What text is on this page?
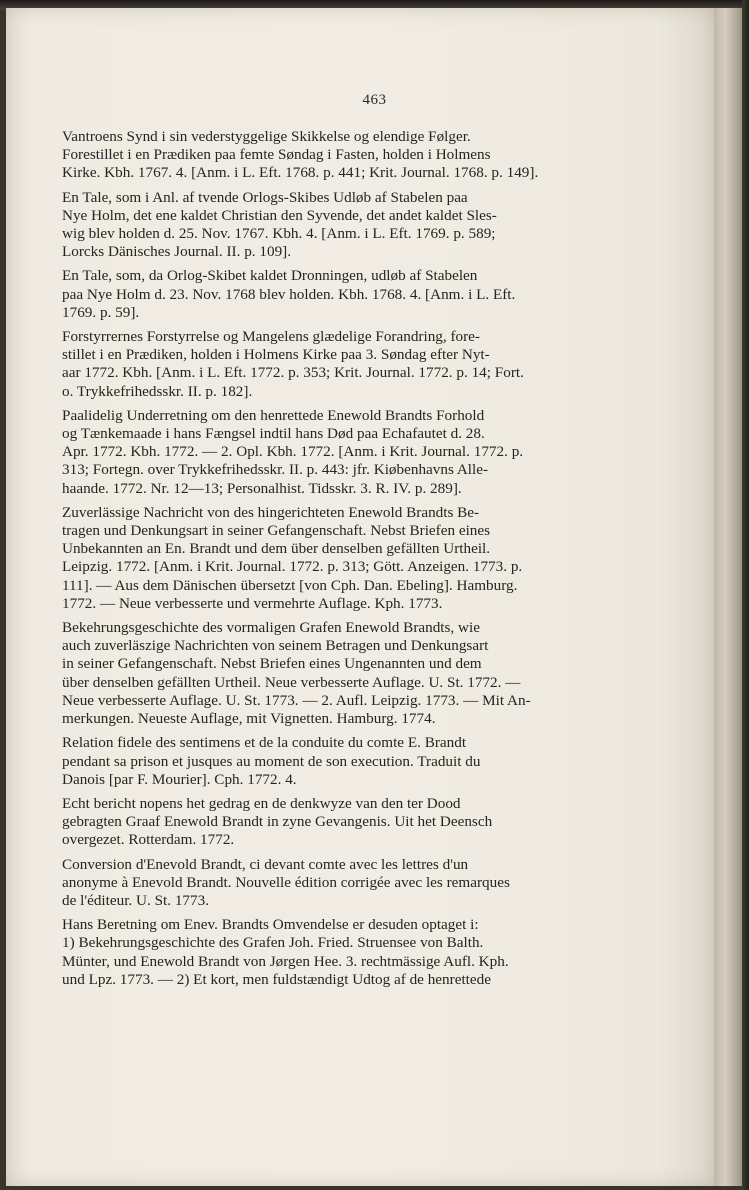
463
Vantroens Synd i sin vederstyggelige Skikkelse og elendige Følger.
Forestillet i en Prædiken paa femte Søndag i Fasten, holden i Holmens
Kirke. Kbh. 1767. 4. [Anm. i L. Eft. 1768. p. 441; Krit. Journal. 1768. p. 149].
En Tale, som i Anl. af tvende Orlogs-Skibes Udløb af Stabelen paa
Nye Holm, det ene kaldet Christian den Syvende, det andet kaldet Sles-
wig blev holden d. 25. Nov. 1767. Kbh. 4. [Anm. i L. Eft. 1769. p. 589;
Lorcks Dänisches Journal. II. p. 109].
En Tale, som, da Orlog-Skibet kaldet Dronningen, udløb af Stabelen
paa Nye Holm d. 23. Nov. 1768 blev holden. Kbh. 1768. 4. [Anm. i L. Eft.
1769. p. 59].
Forstyrrernes Forstyrrelse og Mangelens glædelige Forandring, fore-
stillet i en Prædiken, holden i Holmens Kirke paa 3. Søndag efter Nyt-
aar 1772. Kbh. [Anm. i L. Eft. 1772. p. 353; Krit. Journal. 1772. p. 14; Fort.
o. Trykkefrihedsskr. II. p. 182].
Paalidelig Underretning om den henrettede Enewold Brandts Forhold
og Tænkemaade i hans Fængsel indtil hans Død paa Echafautet d. 28.
Apr. 1772. Kbh. 1772. — 2. Opl. Kbh. 1772. [Anm. i Krit. Journal. 1772. p.
313; Fortegn. over Trykkefrihedsskr. II. p. 443: jfr. Kiøbenhavns Alle-
haande. 1772. Nr. 12—13; Personalhist. Tidsskr. 3. R. IV. p. 289].
Zuverlässige Nachricht von des hingerichteten Enewold Brandts Be-
tragen und Denkungsart in seiner Gefangenschaft. Nebst Briefen eines
Unbekannten an En. Brandt und dem über denselben gefällten Urtheil.
Leipzig. 1772. [Anm. i Krit. Journal. 1772. p. 313; Gött. Anzeigen. 1773. p.
111]. — Aus dem Dänischen übersetzt [von Cph. Dan. Ebeling]. Hamburg.
1772. — Neue verbesserte und vermehrte Auflage. Kph. 1773.
Bekehrungsgeschichte des vormaligen Grafen Enewold Brandts, wie
auch zuverläszige Nachrichten von seinem Betragen und Denkungsart
in seiner Gefangenschaft. Nebst Briefen eines Ungenannten und dem
über denselben gefällten Urtheil. Neue verbesserte Auflage. U. St. 1772. —
Neue verbesserte Auflage. U. St. 1773. — 2. Aufl. Leipzig. 1773. — Mit An-
merkungen. Neueste Auflage, mit Vignetten. Hamburg. 1774.
Relation fidele des sentimens et de la conduite du comte E. Brandt
pendant sa prison et jusques au moment de son execution. Traduit du
Danois [par F. Mourier]. Cph. 1772. 4.
Echt bericht nopens het gedrag en de denkwyze van den ter Dood
gebragten Graaf Enewold Brandt in zyne Gevangenis. Uit het Deensch
overgezet. Rotterdam. 1772.
Conversion d'Enevold Brandt, ci devant comte avec les lettres d'un
anonyme à Enevold Brandt. Nouvelle édition corrigée avec les remarques
de l'éditeur. U. St. 1773.
Hans Beretning om Enev. Brandts Omvendelse er desuden optaget i:
1) Bekehrungsgeschichte des Grafen Joh. Fried. Struensee von Balth.
Münter, und Enewold Brandt von Jørgen Hee. 3. rechtmässige Aufl. Kph.
und Lpz. 1773. — 2) Et kort, men fuldstændigt Udtog af de henrettede
